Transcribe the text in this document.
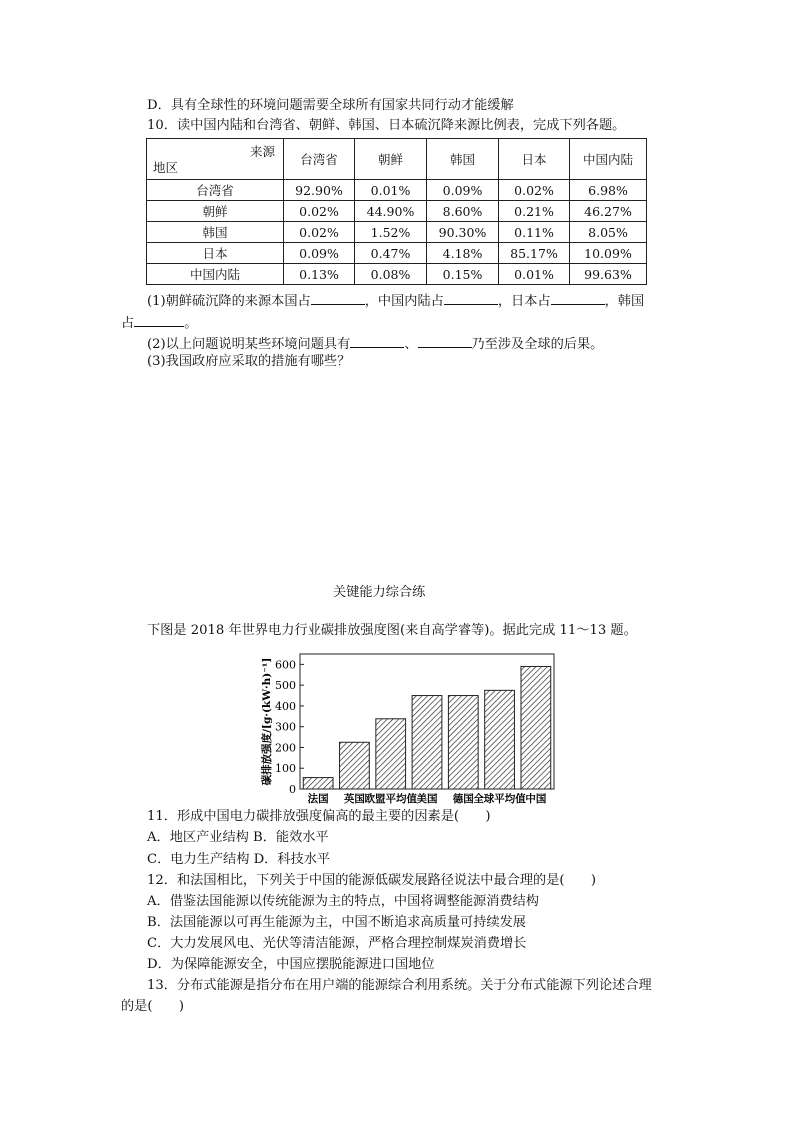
D．具有全球性的环境问题需要全球所有国家共同行动才能缓解
10．读中国内陆和台湾省、朝鲜、韩国、日本硫沉降来源比例表，完成下列各题。
来源
地区	台湾省	朝鲜	韩国	日本	中国内陆
台湾省	92.90%	0.01%	0.09%	0.02%	6.98%
朝鲜	0.02%	44.90%	8.60%	0.21%	46.27%
韩国	0.02%	1.52%	90.30%	0.11%	8.05%
日本	0.09%	0.47%	4.18%	85.17%	10.09%
中国内陆	0.13%	0.08%	0.15%	0.01%	99.63%
(1)朝鲜硫沉降的来源本国占	，中国内陆占	，日本占	，韩国
占	。
(2)以上问题说明某些环境问题具有	、	乃至涉及全球的后果。
(3)我国政府应采取的措施有哪些？
关键能力综合练
下图是 2018 年世界电力行业碳排放强度图(来自高学睿等)。据此完成 11～13 题。
0
100
200
300
400
500
600
法国 英国 欧盟平均值 美国 德国 全球平均值 中国
碳排放强度/[g·(kW·h)⁻¹]
11．形成中国电力碳排放强度偏高的最主要的因素是(　　)
A．地区产业结构 B．能效水平
C．电力生产结构 D．科技水平
12．和法国相比，下列关于中国的能源低碳发展路径说法中最合理的是(　　)
A．借鉴法国能源以传统能源为主的特点，中国将调整能源消费结构
B．法国能源以可再生能源为主，中国不断追求高质量可持续发展
C．大力发展风电、光伏等清洁能源，严格合理控制煤炭消费增长
D．为保障能源安全，中国应摆脱能源进口国地位
13．分布式能源是指分布在用户端的能源综合利用系统。关于分布式能源下列论述合理
的是(　　)
